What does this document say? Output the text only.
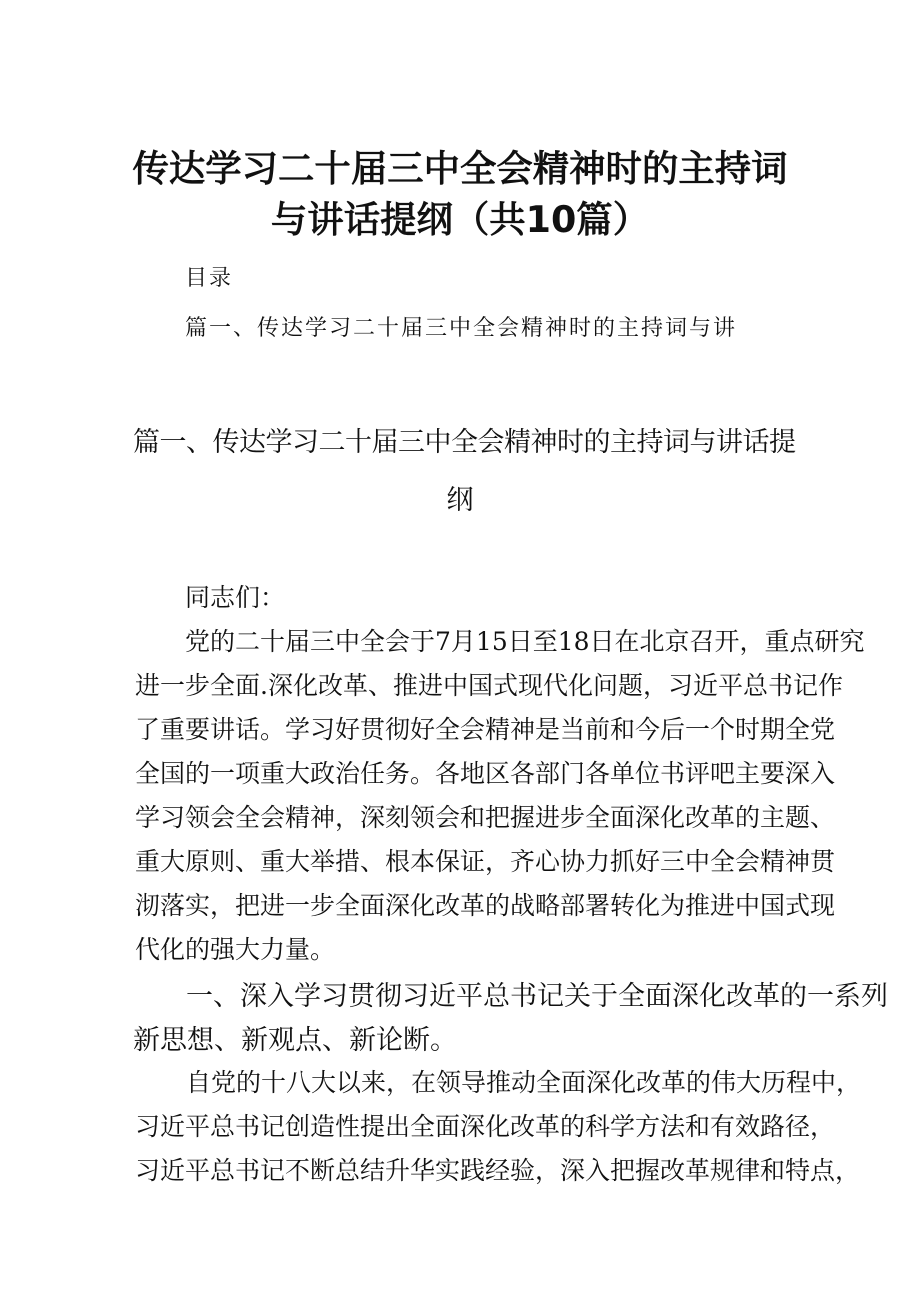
传达学习二十届三中全会精神时的主持词
与讲话提纲（共10篇）
目录
篇一、传达学习二十届三中全会精神时的主持词与讲
篇一、传达学习二十届三中全会精神时的主持词与讲话提
纲
同志们：
党的二十届三中全会于7月15日至18日在北京召开，重点研究
进一步全面.深化改革、推进中国式现代化问题，习近平总书记作
了重要讲话。学习好贯彻好全会精神是当前和今后一个时期全党
全国的一项重大政治任务。各地区各部门各单位书评吧主要深入
学习领会全会精神，深刻领会和把握进步全面深化改革的主题、
重大原则、重大举措、根本保证，齐心协力抓好三中全会精神贯
沏落实，把进一步全面深化改革的战略部署转化为推进中国式现
代化的强大力量。
一、深入学习贯彻习近平总书记关于全面深化改革的一系列
新思想、新观点、新论断。
自党的十八大以来，在领导推动全面深化改革的伟大历程中，
习近平总书记创造性提出全面深化改革的科学方法和有效路径，
习近平总书记不断总结升华实践经验，深入把握改革规律和特点，
